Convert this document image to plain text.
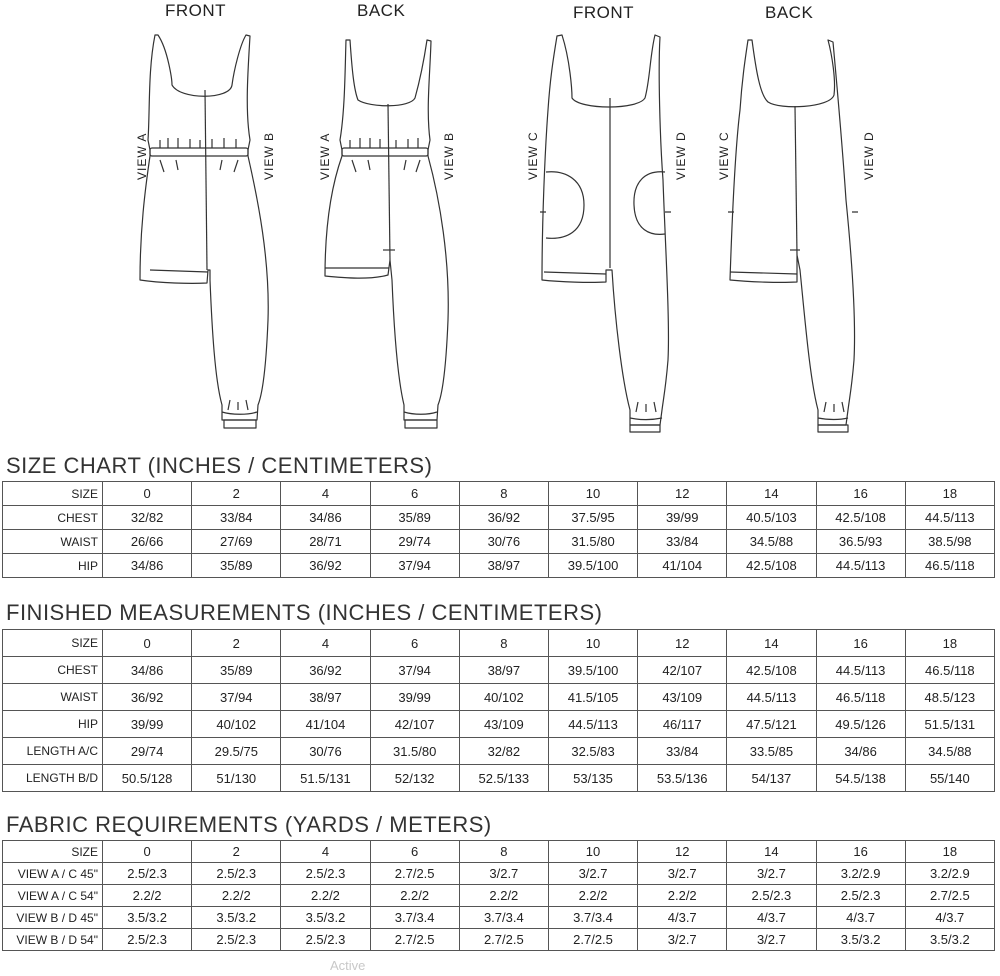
FRONT	BACK	FRONT	BACK
VIEW A	VIEW B	VIEW A	VIEW B	VIEW C	VIEW D VIEW C	VIEW D
SIZE CHART (INCHES / CENTIMETERS)
SIZE	0	2	4	6	8	10	12	14	16	18
CHEST	32/82	33/84	34/86	35/89	36/92	37.5/95	39/99	40.5/103	42.5/108	44.5/113
WAIST	26/66	27/69	28/71	29/74	30/76	31.5/80	33/84	34.5/88	36.5/93	38.5/98
HIP	34/86	35/89	36/92	37/94	38/97	39.5/100	41/104	42.5/108	44.5/113	46.5/118
FINISHED MEASUREMENTS (INCHES / CENTIMETERS)
SIZE	0	2	4	6	8	10	12	14	16	18
CHEST	34/86	35/89	36/92	37/94	38/97	39.5/100	42/107	42.5/108	44.5/113	46.5/118
WAIST	36/92	37/94	38/97	39/99	40/102	41.5/105	43/109	44.5/113	46.5/118	48.5/123
HIP	39/99	40/102	41/104	42/107	43/109	44.5/113	46/117	47.5/121	49.5/126	51.5/131
LENGTH A/C	29/74	29.5/75	30/76	31.5/80	32/82	32.5/83	33/84	33.5/85	34/86	34.5/88
LENGTH B/D	50.5/128	51/130	51.5/131	52/132	52.5/133	53/135	53.5/136	54/137	54.5/138	55/140
FABRIC REQUIREMENTS (YARDS / METERS)
SIZE	0	2	4	6	8	10	12	14	16	18
VIEW A / C 45"	2.5/2.3	2.5/2.3	2.5/2.3	2.7/2.5	3/2.7	3/2.7	3/2.7	3/2.7	3.2/2.9	3.2/2.9
VIEW A / C 54"	2.2/2	2.2/2	2.2/2	2.2/2	2.2/2	2.2/2	2.2/2	2.5/2.3	2.5/2.3	2.7/2.5
VIEW B / D 45"	3.5/3.2	3.5/3.2	3.5/3.2	3.7/3.4	3.7/3.4	3.7/3.4	4/3.7	4/3.7	4/3.7	4/3.7
VIEW B / D 54"	2.5/2.3	2.5/2.3	2.5/2.3	2.7/2.5	2.7/2.5	2.7/2.5	3/2.7	3/2.7	3.5/3.2	3.5/3.2
Active
